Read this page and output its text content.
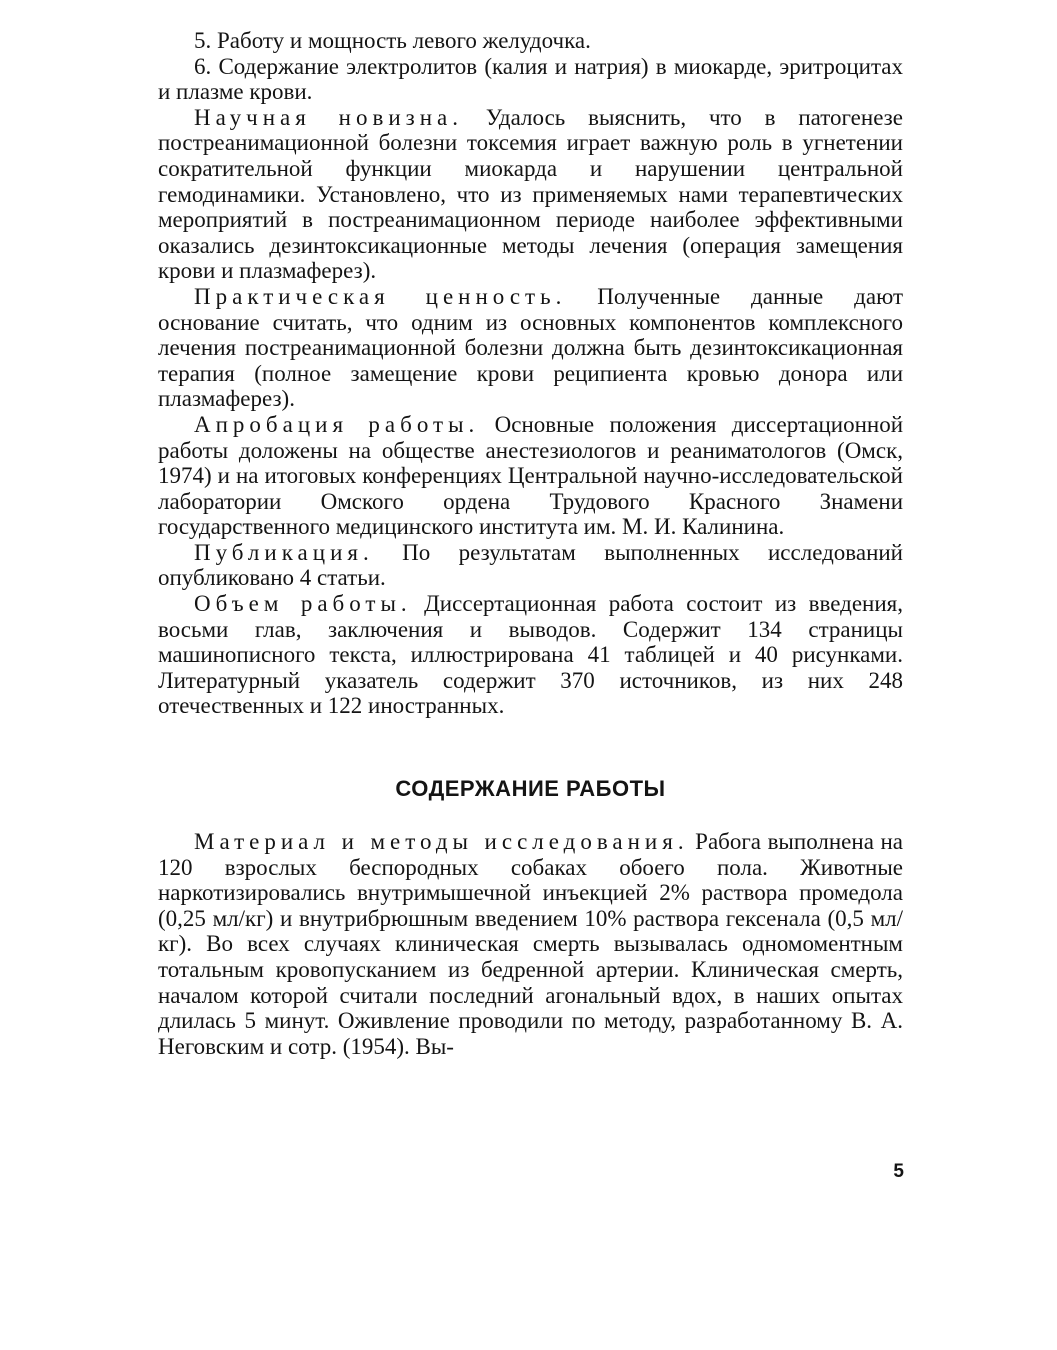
5. Работу и мощность левого желудочка.

6. Содержание электролитов (калия и натрия) в миокарде, эритроцитах и плазме крови.

Научная новизна. Удалось выяснить, что в патогенезе постреанимационной болезни токсемия играет важную роль в угнетении сократительной функции миокарда и нарушении центральной гемодинамики. Установлено, что из применяемых нами терапевтических мероприятий в постреанимационном периоде наиболее эффективными оказались дезинтоксикационные методы лечения (операция замещения крови и плазмаферез).

Практическая ценность. Полученные данные дают основание считать, что одним из основных компонентов комплексного лечения постреанимационной болезни должна быть дезинтоксикационная терапия (полное замещение крови реципиента кровью донора или плазмаферез).

Апробация работы. Основные положения диссертационной работы доложены на обществе анестезиологов и реаниматологов (Омск, 1974) и на итоговых конференциях Центральной научно-исследовательской лаборатории Омского ордена Трудового Красного Знамени государственного медицинского института им. М. И. Калинина.

Публикация. По результатам выполненных исследований опубликовано 4 статьи.

Объем работы. Диссертационная работа состоит из введения, восьми глав, заключения и выводов. Содержит 134 страницы машинописного текста, иллюстрирована 41 таблицей и 40 рисунками. Литературный указатель содержит 370 источников, из них 248 отечественных и 122 иностранных.

СОДЕРЖАНИЕ РАБОТЫ

Материал и методы исследования. Рабога выполнена на 120 взрослых беспородных собаках обоего пола. Животные наркотизировались внутримышечной инъекцией 2% раствора промедола (0,25 мл/кг) и внутрибрюшным введением 10% раствора гексенала (0,5 мл/кг). Во всех случаях клиническая смерть вызывалась одномоментным тотальным кровопусканием из бедренной артерии. Клиническая смерть, началом которой считали последний агональный вдох, в наших опытах длилась 5 минут. Оживление проводили по методу, разработанному В. А. Неговским и сотр. (1954). Вы-

5
